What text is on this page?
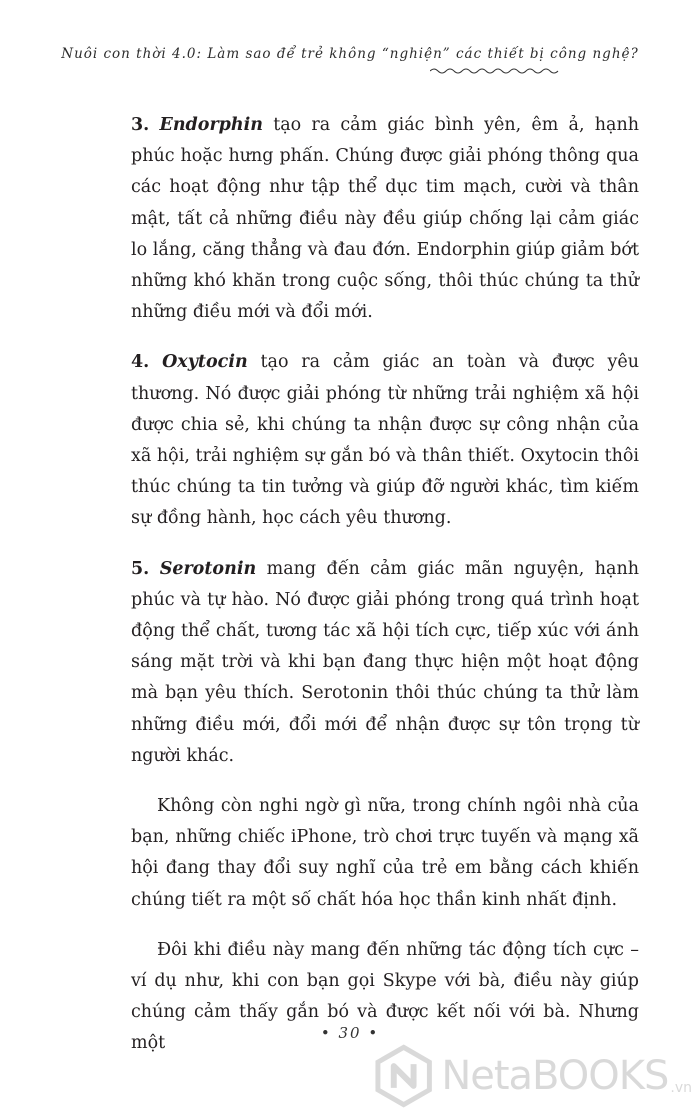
Nuôi con thời 4.0: Làm sao để trẻ không “nghiện” các thiết bị công nghệ?

3. Endorphin tạo ra cảm giác bình yên, êm ả, hạnh phúc hoặc hưng phấn. Chúng được giải phóng thông qua các hoạt động như tập thể dục tim mạch, cười và thân mật, tất cả những điều này đều giúp chống lại cảm giác lo lắng, căng thẳng và đau đớn. Endorphin giúp giảm bớt những khó khăn trong cuộc sống, thôi thúc chúng ta thử những điều mới và đổi mới.

4. Oxytocin tạo ra cảm giác an toàn và được yêu thương. Nó được giải phóng từ những trải nghiệm xã hội được chia sẻ, khi chúng ta nhận được sự công nhận của xã hội, trải nghiệm sự gắn bó và thân thiết. Oxytocin thôi thúc chúng ta tin tưởng và giúp đỡ người khác, tìm kiếm sự đồng hành, học cách yêu thương.

5. Serotonin mang đến cảm giác mãn nguyện, hạnh phúc và tự hào. Nó được giải phóng trong quá trình hoạt động thể chất, tương tác xã hội tích cực, tiếp xúc với ánh sáng mặt trời và khi bạn đang thực hiện một hoạt động mà bạn yêu thích. Serotonin thôi thúc chúng ta thử làm những điều mới, đổi mới để nhận được sự tôn trọng từ người khác.

Không còn nghi ngờ gì nữa, trong chính ngôi nhà của bạn, những chiếc iPhone, trò chơi trực tuyến và mạng xã hội đang thay đổi suy nghĩ của trẻ em bằng cách khiến chúng tiết ra một số chất hóa học thần kinh nhất định.

Đôi khi điều này mang đến những tác động tích cực – ví dụ như, khi con bạn gọi Skype với bà, điều này giúp chúng cảm thấy gắn bó và được kết nối với bà. Nhưng một

• 30 •
NetaBOOKS .vn
